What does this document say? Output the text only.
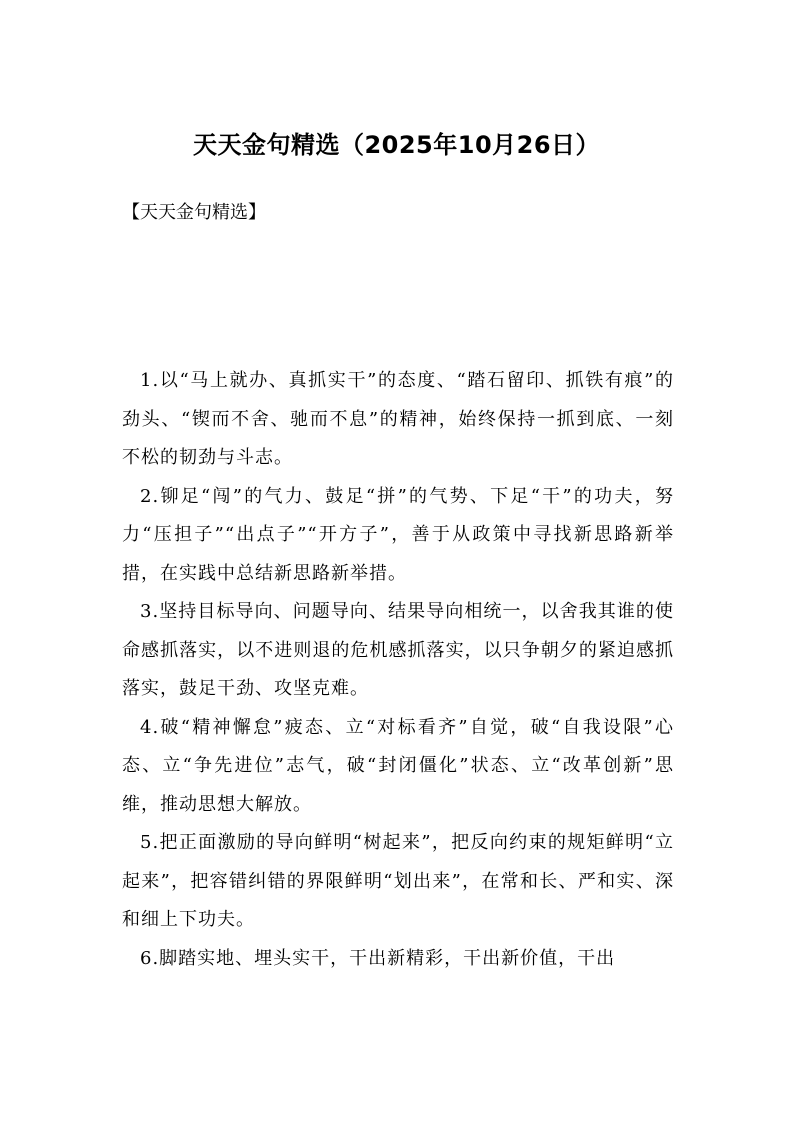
天天金句精选（2025年10月26日）
【天天金句精选】

1.以“马上就办、真抓实干”的态度、“踏石留印、抓铁有痕”的劲头、“锲而不舍、驰而不息”的精神，始终保持一抓到底、一刻不松的韧劲与斗志。

2.铆足“闯”的气力、鼓足“拼”的气势、下足“干”的功夫，努力“压担子”“出点子”“开方子”，善于从政策中寻找新思路新举措，在实践中总结新思路新举措。

3.坚持目标导向、问题导向、结果导向相统一，以舍我其谁的使命感抓落实，以不进则退的危机感抓落实，以只争朝夕的紧迫感抓落实，鼓足干劲、攻坚克难。

4.破“精神懈怠”疲态、立“对标看齐”自觉，破“自我设限”心态、立“争先进位”志气，破“封闭僵化”状态、立“改革创新”思维，推动思想大解放。

5.把正面激励的导向鲜明“树起来”，把反向约束的规矩鲜明“立起来”，把容错纠错的界限鲜明“划出来”，在常和长、严和实、深和细上下功夫。

6.脚踏实地、埋头实干，干出新精彩，干出新价值，干出
